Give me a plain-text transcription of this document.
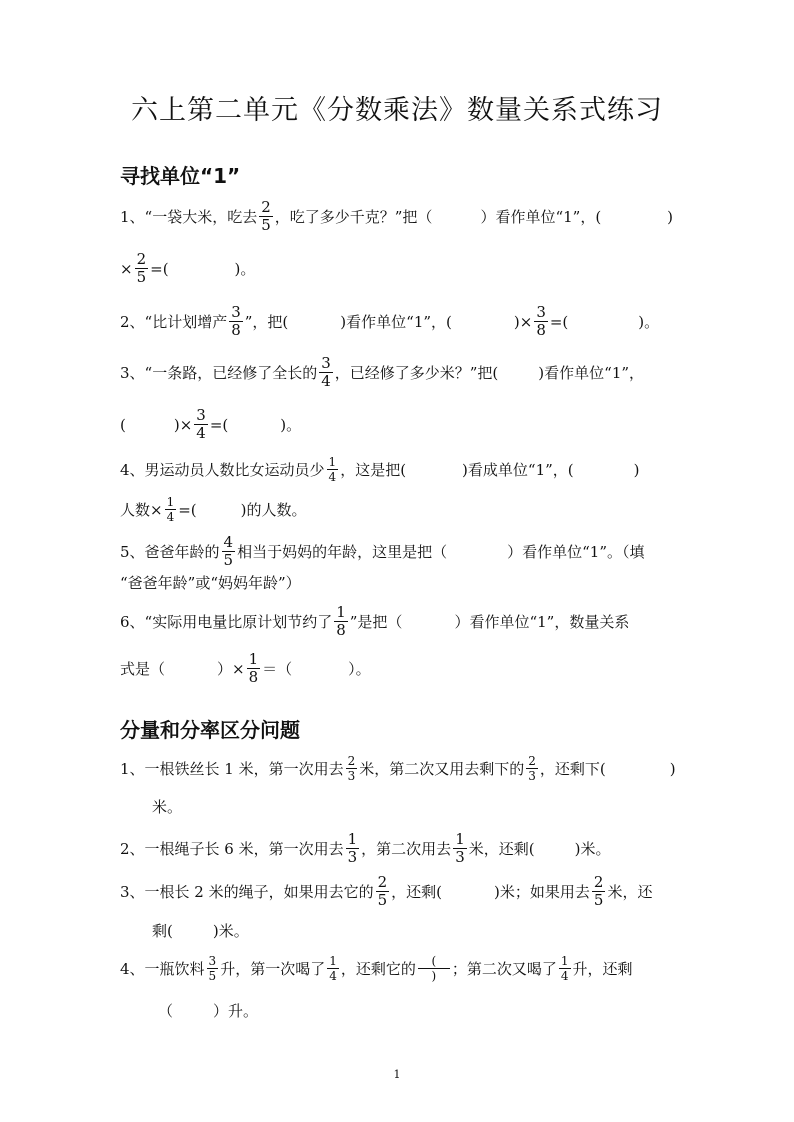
六上第二单元《分数乘法》数量关系式练习
寻找单位“1”
1、“一袋大米，吃去 $\frac{2}{5}$ ，吃了多少千克？”把（	）看作单位“1”，(	)
× $\frac{2}{5}$ =(	)。
2、“比计划增产 $\frac{3}{8}$ ”，把(	)看作单位“1”，(	)× $\frac{3}{8}$ =(	)。
3、“一条路，已经修了全长的 $\frac{3}{4}$ ，已经修了多少米？”把(	)看作单位“1”，
(	)× $\frac{3}{4}$ =(	)。
4、男运动员人数比女运动员少 $\frac{1}{4}$ ，这是把(	)看成单位“1”，(	)
人数× $\frac{1}{4}$ =(	)的人数。
5、爸爸年龄的 $\frac{4}{5}$ 相当于妈妈的年龄，这里是把（	）看作单位“1”。（填
“爸爸年龄”或“妈妈年龄”）
6、“实际用电量比原计划节约了 $\frac{1}{8}$ ”是把（	）看作单位“1”，数量关系
式是（	）× $\frac{1}{8}$ ＝（	）。
分量和分率区分问题
1、一根铁丝长 1 米，第一次用去 $\frac{2}{3}$ 米，第二次又用去剩下的 $\frac{2}{3}$ ，还剩下(	)
米。
2、一根绳子长 6 米，第一次用去 $\frac{1}{3}$ ，第二次用去 $\frac{1}{3}$ 米，还剩(	)米。
3、一根长 2 米的绳子，如果用去它的 $\frac{2}{5}$ ，还剩(	)米；如果用去 $\frac{2}{5}$ 米，还
剩(	)米。
4、一瓶饮料 $\frac{3}{5}$ 升，第一次喝了 $\frac{1}{4}$ ，还剩它的 $\frac{(}{)}$ ；第二次又喝了 $\frac{1}{4}$ 升，还剩
（	）升。
1
